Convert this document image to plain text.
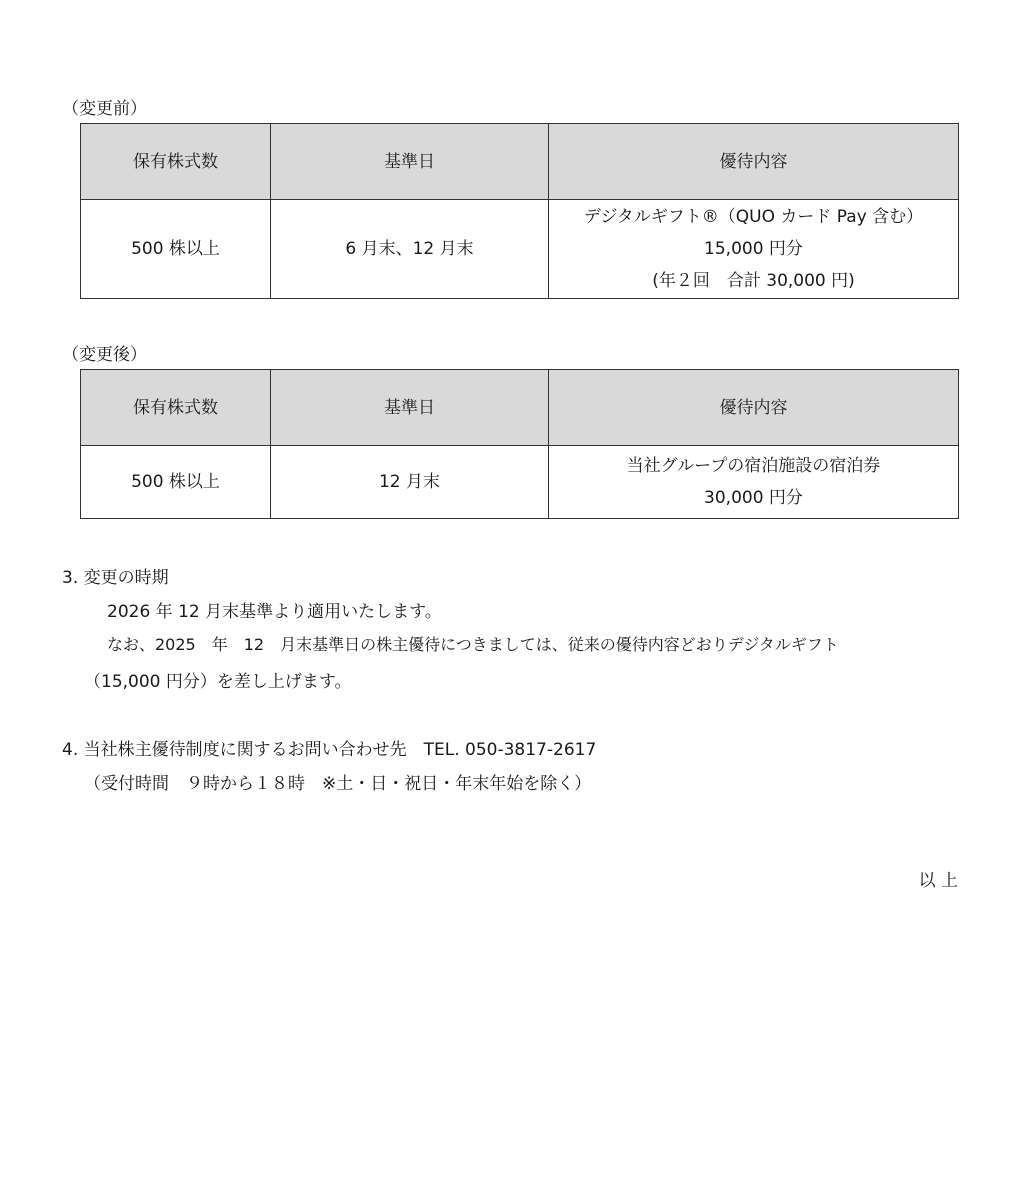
（変更前）
保有株式数	基準日	優待内容
500 株以上	6 月末、12 月末	デジタルギフト®（QUO カード Pay 含む）
15,000 円分
(年２回　合計 30,000 円)
（変更後）
保有株式数	基準日	優待内容
500 株以上	12 月末	当社グループの宿泊施設の宿泊券
30,000 円分
3. 変更の時期
2026 年 12 月末基準より適用いたします。
なお、2025　年　12　月末基準日の株主優待につきましては、従来の優待内容どおりデジタルギフト
（15,000 円分）を差し上げます。
4. 当社株主優待制度に関するお問い合わせ先　TEL. 050-3817-2617
（受付時間　９時から１８時　※土・日・祝日・年末年始を除く）
以 上
